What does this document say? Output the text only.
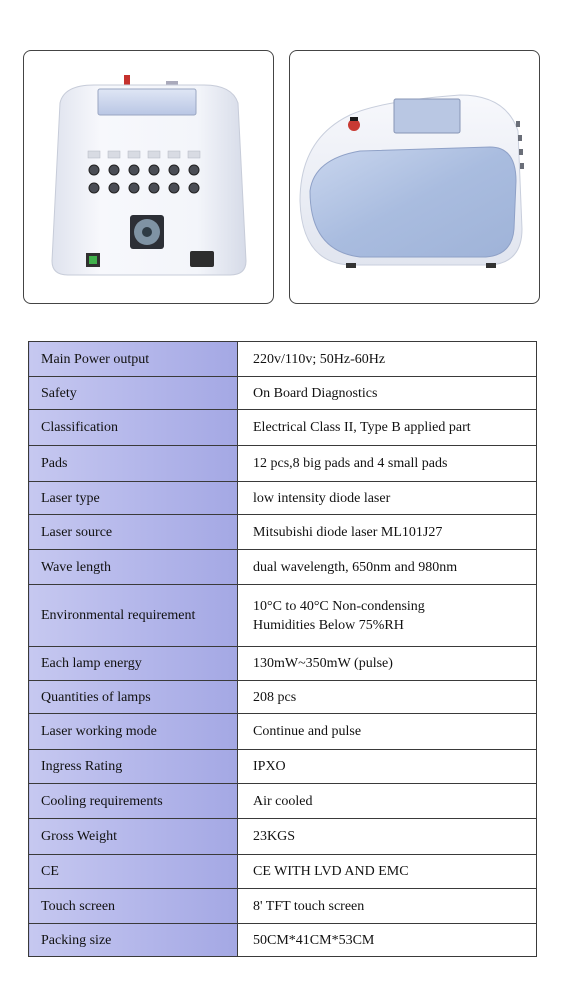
Main Power output	220v/110v; 50Hz-60Hz
Safety	On Board Diagnostics
Classification	Electrical Class II, Type B applied part
Pads	12 pcs,8 big pads and 4 small pads
Laser type	low intensity diode laser
Laser source	Mitsubishi diode laser ML101J27
Wave length	dual wavelength, 650nm and 980nm
Environmental requirement	10°C to 40°C Non-condensing
Humidities Below 75%RH
Each lamp energy	130mW~350mW (pulse)
Quantities of lamps	208 pcs
Laser working mode	Continue and pulse
Ingress Rating	IPXO
Cooling requirements	Air cooled
Gross Weight	23KGS
CE	CE WITH LVD AND EMC
Touch screen	8' TFT touch screen
Packing size	50CM*41CM*53CM
